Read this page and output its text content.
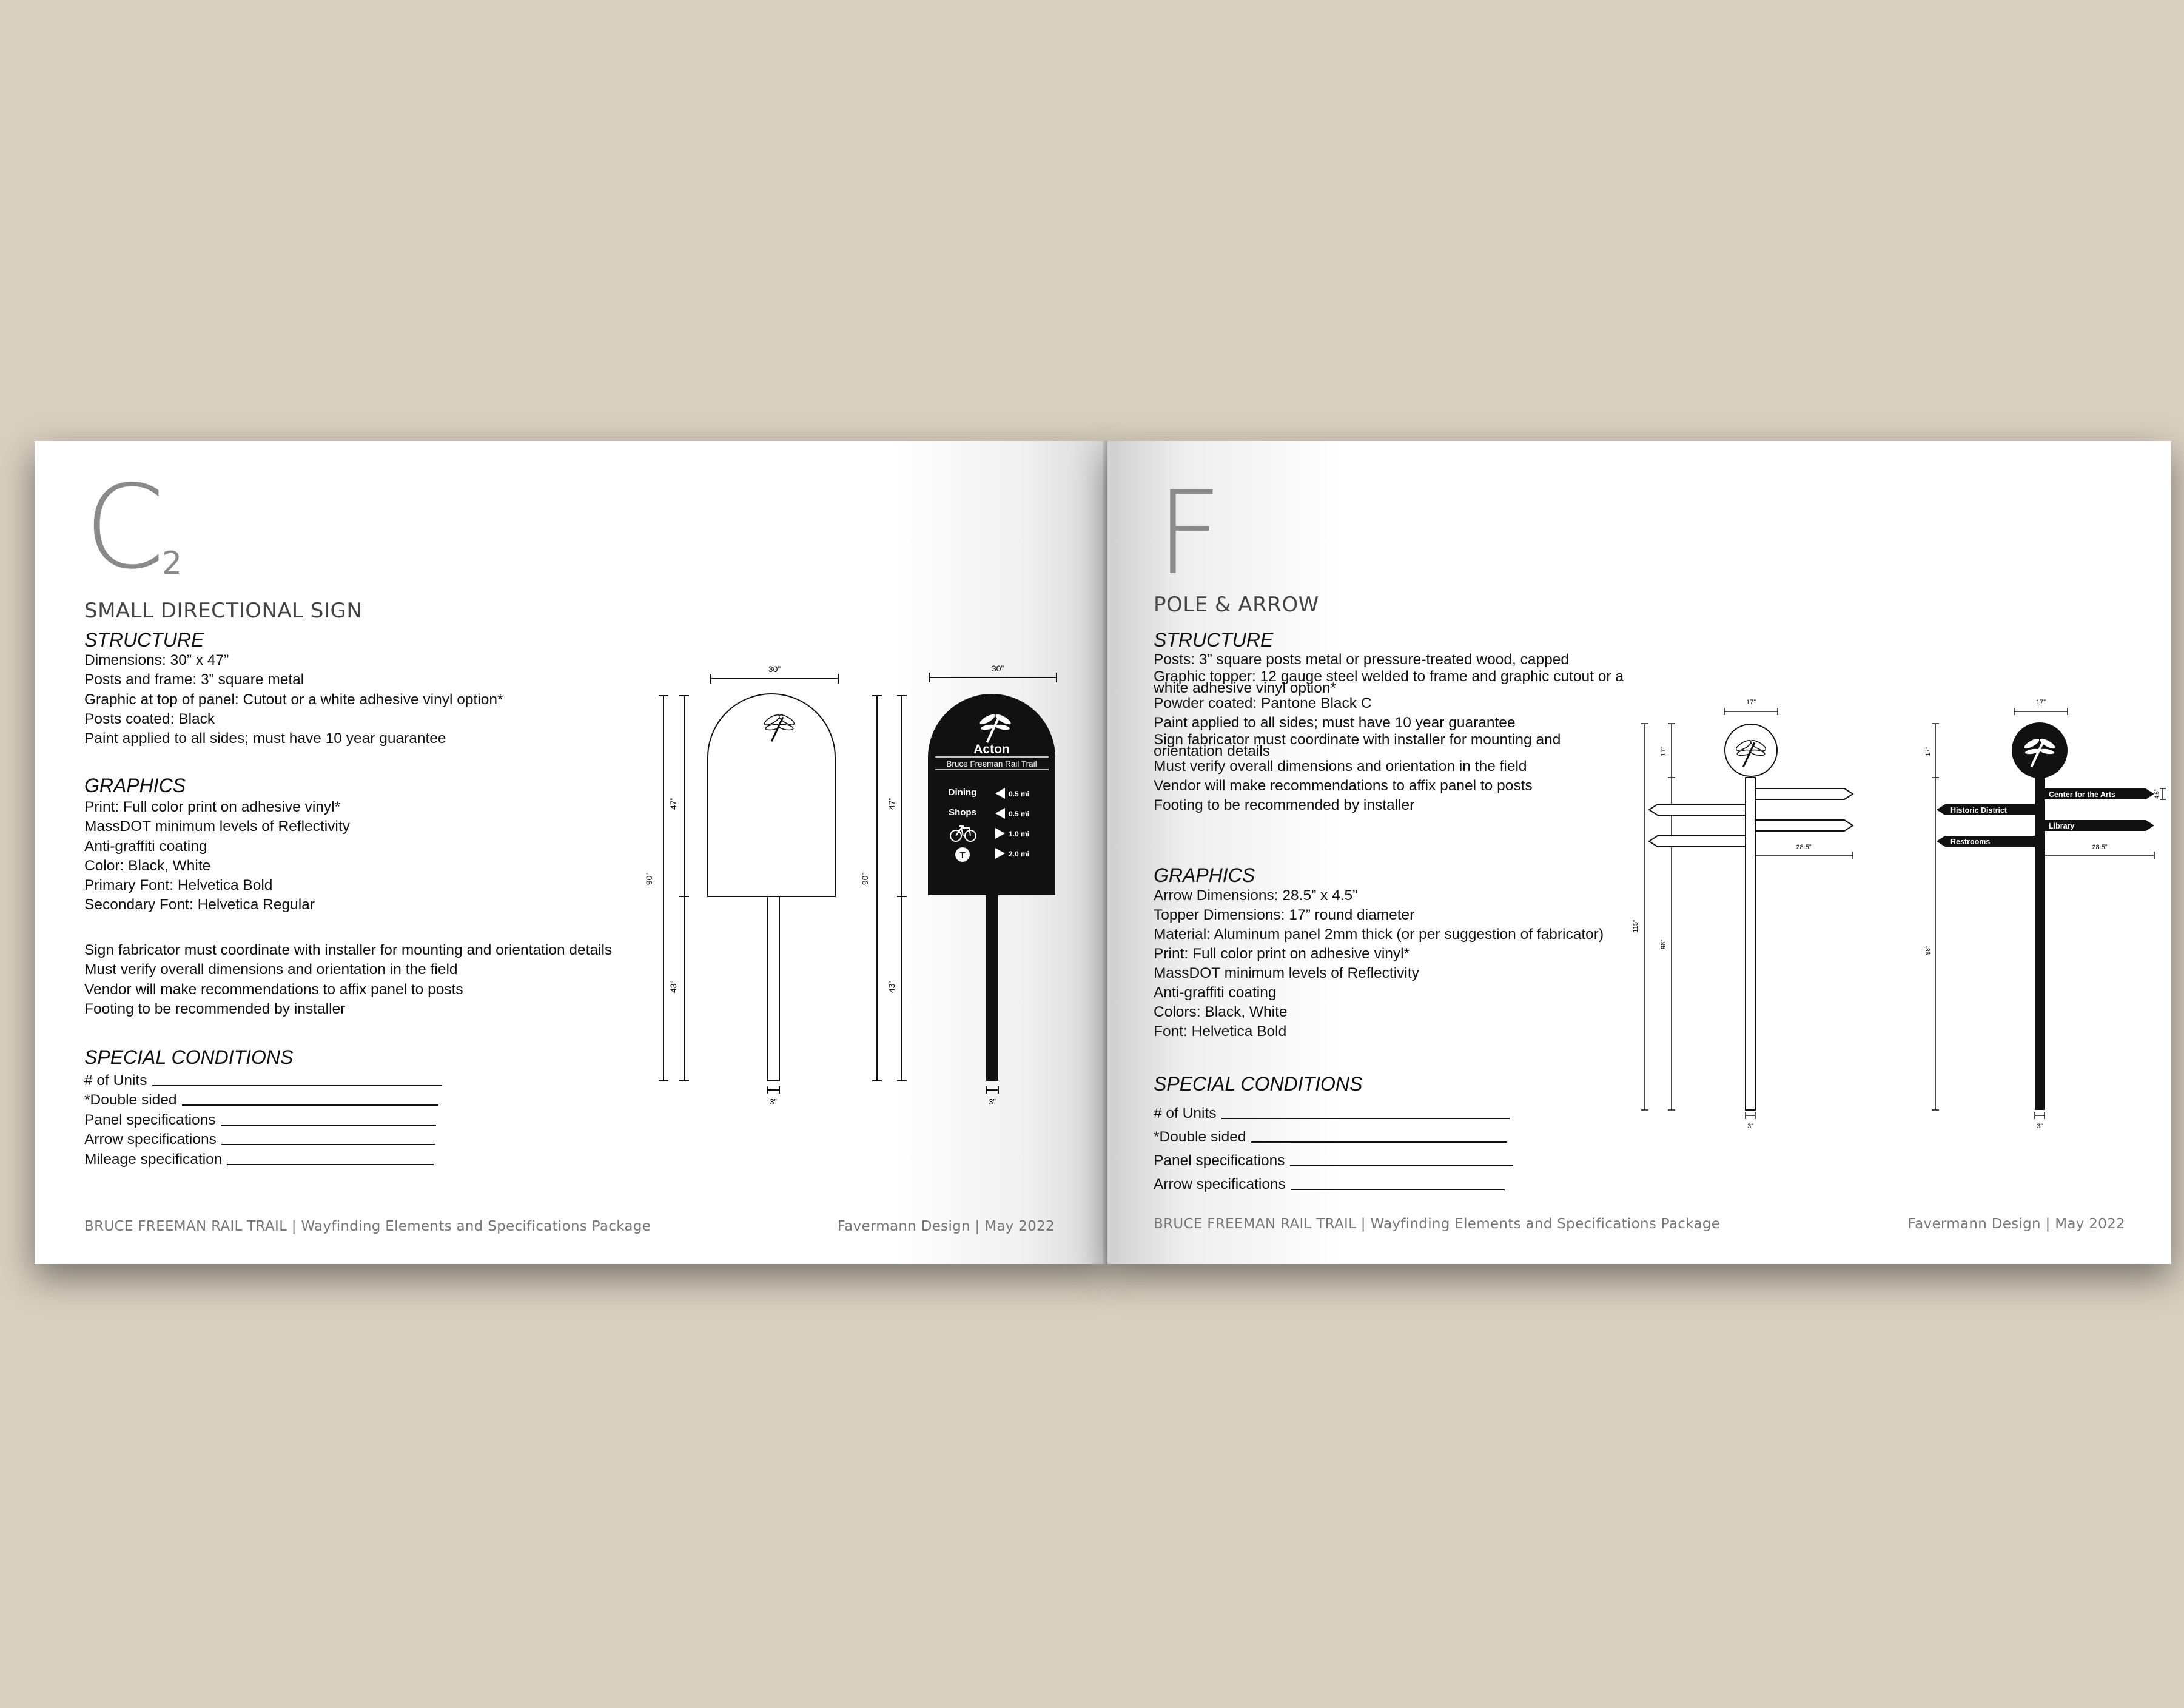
C
2
SMALL DIRECTIONAL SIGN
STRUCTURE
Dimensions: 30” x 47”
Posts and frame: 3” square metal
Graphic at top of panel: Cutout or a white adhesive vinyl option*
Posts coated: Black
Paint applied to all sides; must have 10 year guarantee
GRAPHICS
Print: Full color print on adhesive vinyl*
MassDOT minimum levels of Reflectivity
Anti-graffiti coating
Color: Black, White
Primary Font: Helvetica Bold
Secondary Font: Helvetica Regular
Sign fabricator must coordinate with installer for mounting and orientation details
Must verify overall dimensions and orientation in the field
Vendor will make recommendations to affix panel to posts
Footing to be recommended by installer
SPECIAL CONDITIONS
# of Units
*Double sided
Panel specifications
Arrow specifications
Mileage specification
30”
90”
47”
43”
3”
30”
90”
47”
43”
Acton
Bruce Freeman Rail Trail
Dining	0.5 mi
Shops	0.5 mi
1.0 mi
T	2.0 mi
3”
BRUCE FREEMAN RAIL TRAIL | Wayfinding Elements and Specifications Package	Favermann Design | May 2022
F
POLE & ARROW
STRUCTURE
Posts: 3” square posts metal or pressure-treated wood, capped
Graphic topper: 12 gauge steel welded to frame and graphic cutout or a white adhesive vinyl option*
Powder coated: Pantone Black C
Paint applied to all sides; must have 10 year guarantee
Sign fabricator must coordinate with installer for mounting and orientation details
Must verify overall dimensions and orientation in the field
Vendor will make recommendations to affix panel to posts
Footing to be recommended by installer
GRAPHICS
Arrow Dimensions: 28.5” x 4.5”
Topper Dimensions: 17” round diameter
Material: Aluminum panel 2mm thick (or per suggestion of fabricator)
Print: Full color print on adhesive vinyl*
MassDOT minimum levels of Reflectivity
Anti-graffiti coating
Colors: Black, White
Font: Helvetica Bold
SPECIAL CONDITIONS
# of Units
*Double sided
Panel specifications
Arrow specifications
17”
115”
17”
98”
28.5”
3”
17”
17”
98”
Historic District
Center for the Arts
Library
Restrooms
4.5”
28.5”
3”
BRUCE FREEMAN RAIL TRAIL | Wayfinding Elements and Specifications Package	Favermann Design | May 2022
